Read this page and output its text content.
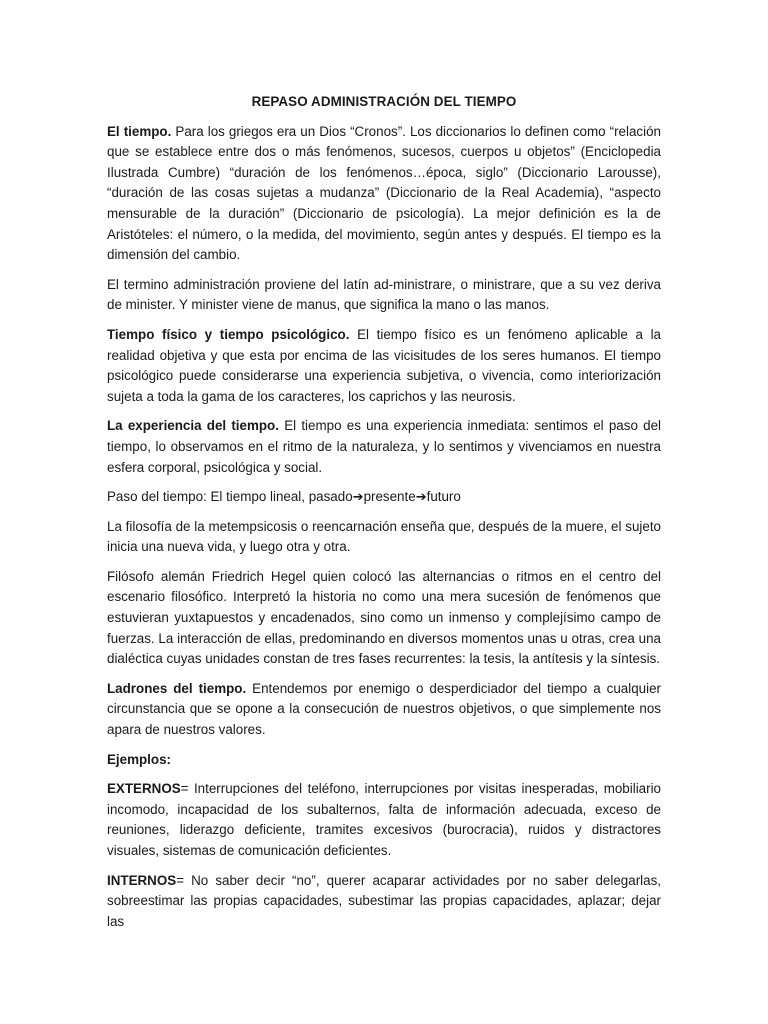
REPASO ADMINISTRACIÓN DEL TIEMPO

El tiempo. Para los griegos era un Dios “Cronos”. Los diccionarios lo definen como “relación que se establece entre dos o más fenómenos, sucesos, cuerpos u objetos” (Enciclopedia Ilustrada Cumbre) “duración de los fenómenos…época, siglo” (Diccionario Larousse), “duración de las cosas sujetas a mudanza” (Diccionario de la Real Academia), “aspecto mensurable de la duración” (Diccionario de psicología). La mejor definición es la de Aristóteles: el número, o la medida, del movimiento, según antes y después. El tiempo es la dimensión del cambio.

El termino administración proviene del latín ad-ministrare, o ministrare, que a su vez deriva de minister. Y minister viene de manus, que significa la mano o las manos.

Tiempo físico y tiempo psicológico. El tiempo físico es un fenómeno aplicable a la realidad objetiva y que esta por encima de las vicisitudes de los seres humanos. El tiempo psicológico puede considerarse una experiencia subjetiva, o vivencia, como interiorización sujeta a toda la gama de los caracteres, los caprichos y las neurosis.

La experiencia del tiempo. El tiempo es una experiencia inmediata: sentimos el paso del tiempo, lo observamos en el ritmo de la naturaleza, y lo sentimos y vivenciamos en nuestra esfera corporal, psicológica y social.

Paso del tiempo: El tiempo lineal, pasado➔presente➔futuro

La filosofía de la metempsicosis o reencarnación enseña que, después de la muere, el sujeto inicia una nueva vida, y luego otra y otra.

Filósofo alemán Friedrich Hegel quien colocó las alternancias o ritmos en el centro del escenario filosófico. Interpretó la historia no como una mera sucesión de fenómenos que estuvieran yuxtapuestos y encadenados, sino como un inmenso y complejísimo campo de fuerzas. La interacción de ellas, predominando en diversos momentos unas u otras, crea una dialéctica cuyas unidades constan de tres fases recurrentes: la tesis, la antítesis y la síntesis.

Ladrones del tiempo. Entendemos por enemigo o desperdiciador del tiempo a cualquier circunstancia que se opone a la consecución de nuestros objetivos, o que simplemente nos apara de nuestros valores.

Ejemplos:

EXTERNOS= Interrupciones del teléfono, interrupciones por visitas inesperadas, mobiliario incomodo, incapacidad de los subalternos, falta de información adecuada, exceso de reuniones, liderazgo deficiente, tramites excesivos (burocracia), ruidos y distractores visuales, sistemas de comunicación deficientes.

INTERNOS= No saber decir “no”, querer acaparar actividades por no saber delegarlas, sobreestimar las propias capacidades, subestimar las propias capacidades, aplazar; dejar las
